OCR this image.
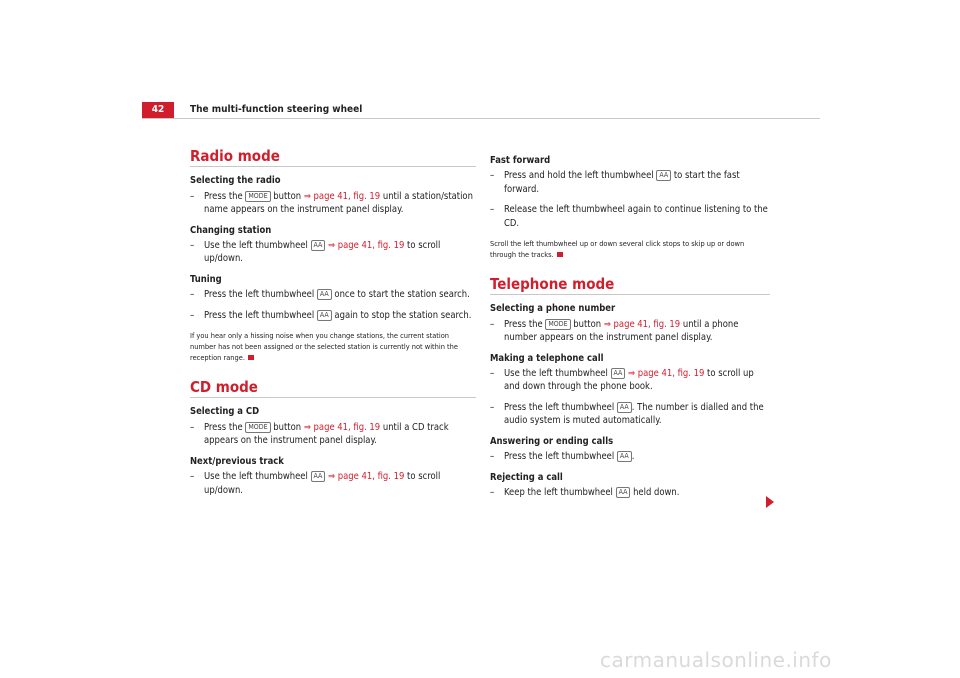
42	The multi-function steering wheel
Radio mode
Selecting the radio
– Press the MODE button ⇒ page 41, fig. 19 until a station/station name appears on the instrument panel display.
Changing station
– Use the left thumbwheel AA ⇒ page 41, fig. 19 to scroll up/down.
Tuning
– Press the left thumbwheel AA once to start the station search.
– Press the left thumbwheel AA again to stop the station search.
If you hear only a hissing noise when you change stations, the current station number has not been assigned or the selected station is currently not within the reception range.
CD mode
Selecting a CD
– Press the MODE button ⇒ page 41, fig. 19 until a CD track appears on the instrument panel display.
Next/previous track
– Use the left thumbwheel AA ⇒ page 41, fig. 19 to scroll up/down.
Fast forward
– Press and hold the left thumbwheel AA to start the fast forward.
– Release the left thumbwheel again to continue listening to the CD.
Scroll the left thumbwheel up or down several click stops to skip up or down through the tracks.
Telephone mode
Selecting a phone number
– Press the MODE button ⇒ page 41, fig. 19 until a phone number appears on the instrument panel display.
Making a telephone call
– Use the left thumbwheel AA ⇒ page 41, fig. 19 to scroll up and down through the phone book.
– Press the left thumbwheel AA . The number is dialled and the audio system is muted automatically.
Answering or ending calls
– Press the left thumbwheel AA .
Rejecting a call
– Keep the left thumbwheel AA held down.
carmanualsonline.info
